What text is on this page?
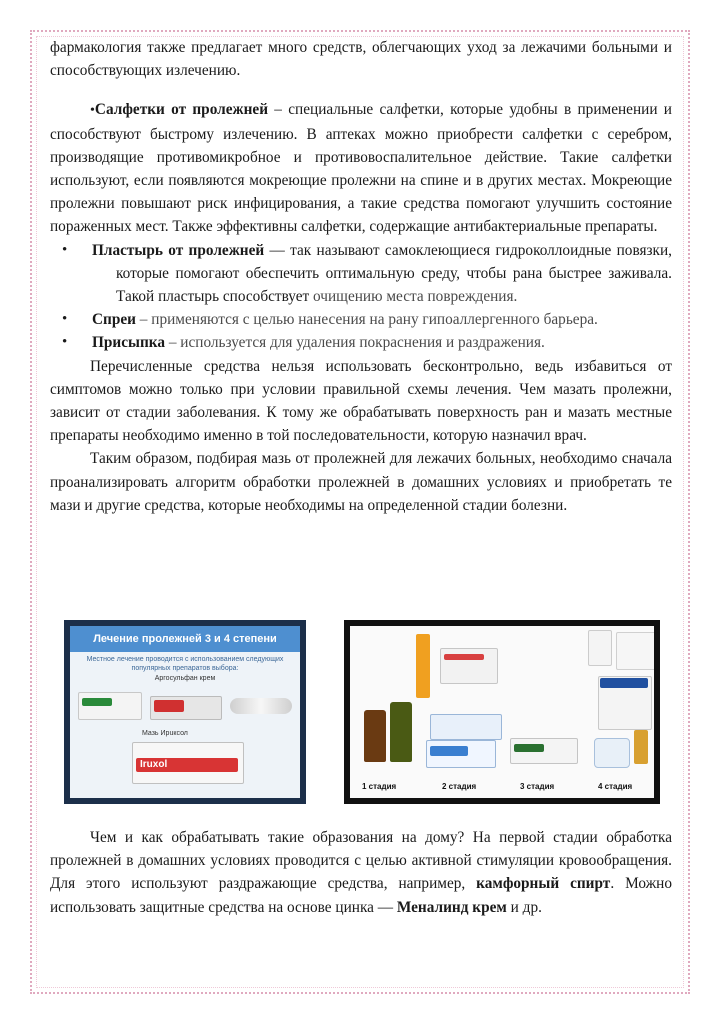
фармакология также предлагает много средств, облегчающих уход за лежачими больными и способствующих излечению.

•Салфетки от пролежней – специальные салфетки, которые удобны в применении и способствуют быстрому излечению. В аптеках можно приобрести салфетки с серебром, производящие противомикробное и противовоспалительное действие. Такие салфетки используют, если появляются мокреющие пролежни на спине и в других местах. Мокреющие пролежни повышают риск инфицирования, а такие средства помогают улучшить состояние пораженных мест. Также эффективны салфетки, содержащие антибактериальные препараты.

• Пластырь от пролежней — так называют самоклеющиеся гидроколлоидные повязки, которые помогают обеспечить оптимальную среду, чтобы рана быстрее заживала. Такой пластырь способствует очищению места повреждения.
• Спреи – применяются с целью нанесения на рану гипоаллергенного барьера.
• Присыпка – используется для удаления покраснения и раздражения.

Перечисленные средства нельзя использовать бесконтрольно, ведь избавиться от симптомов можно только при условии правильной схемы лечения. Чем мазать пролежни, зависит от стадии заболевания. К тому же обрабатывать поверхность ран и мазать местные препараты необходимо именно в той последовательности, которую назначил врач.

Таким образом, подбирая мазь от пролежней для лежачих больных, необходимо сначала проанализировать алгоритм обработки пролежней в домашних условиях и приобретать те мази и другие средства, которые необходимы на определенной стадии болезни.

Лечение пролежней 3 и 4 степени
Местное лечение проводится с использованием следующих популярных препаратов выбора:
Аргосульфан крем
Мазь Ирuксол
Iruxol
1 стадия	2 стадия	3 стадия	4 стадия

Чем и как обрабатывать такие образования на дому? На первой стадии обработка пролежней в домашних условиях проводится с целью активной стимуляции кровообращения. Для этого используют раздражающие средства, например, камфорный спирт. Можно использовать защитные средства на основе цинка — Меналинд крем и др.
